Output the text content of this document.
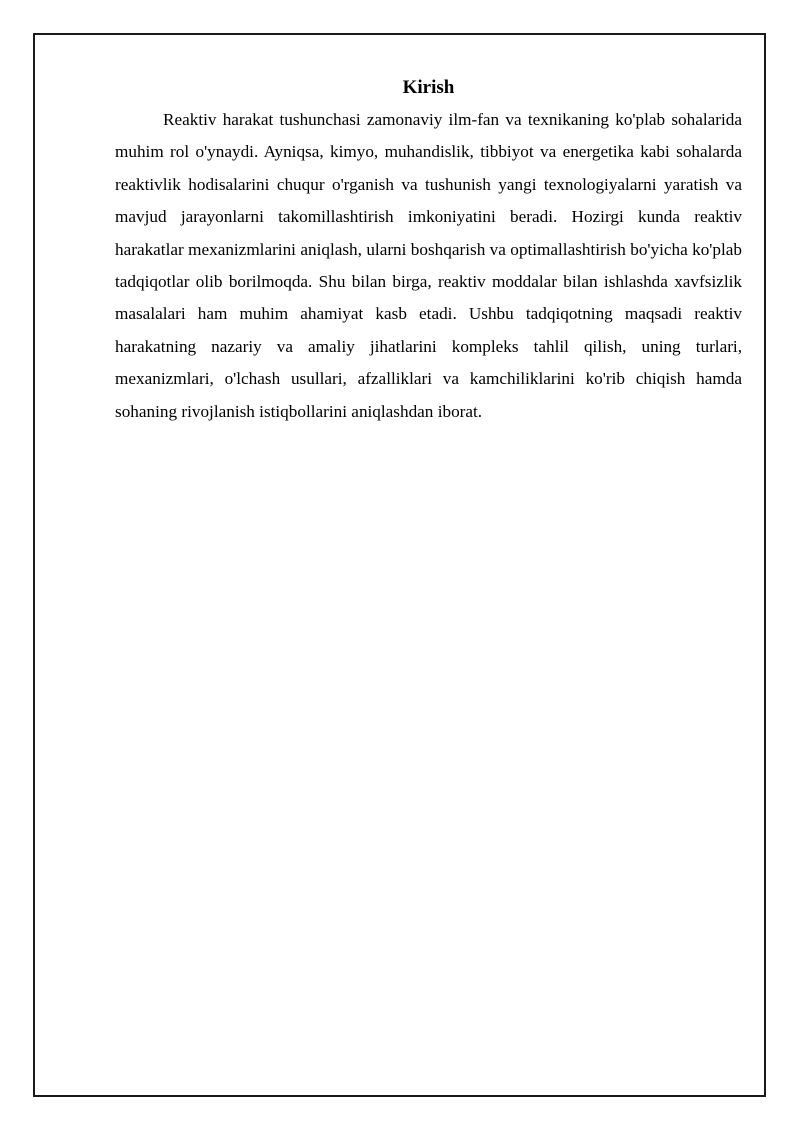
Kirish

Reaktiv harakat tushunchasi zamonaviy ilm-fan va texnikaning ko'plab sohalarida muhim rol o'ynaydi. Ayniqsa, kimyo, muhandislik, tibbiyot va energetika kabi sohalarda reaktivlik hodisalarini chuqur o'rganish va tushunish yangi texnologiyalarni yaratish va mavjud jarayonlarni takomillashtirish imkoniyatini beradi. Hozirgi kunda reaktiv harakatlar mexanizmlarini aniqlash, ularni boshqarish va optimallashtirish bo'yicha ko'plab tadqiqotlar olib borilmoqda. Shu bilan birga, reaktiv moddalar bilan ishlashda xavfsizlik masalalari ham muhim ahamiyat kasb etadi. Ushbu tadqiqotning maqsadi reaktiv harakatning nazariy va amaliy jihatlarini kompleks tahlil qilish, uning turlari, mexanizmlari, o'lchash usullari, afzalliklari va kamchiliklarini ko'rib chiqish hamda sohaning rivojlanish istiqbollarini aniqlashdan iborat.
